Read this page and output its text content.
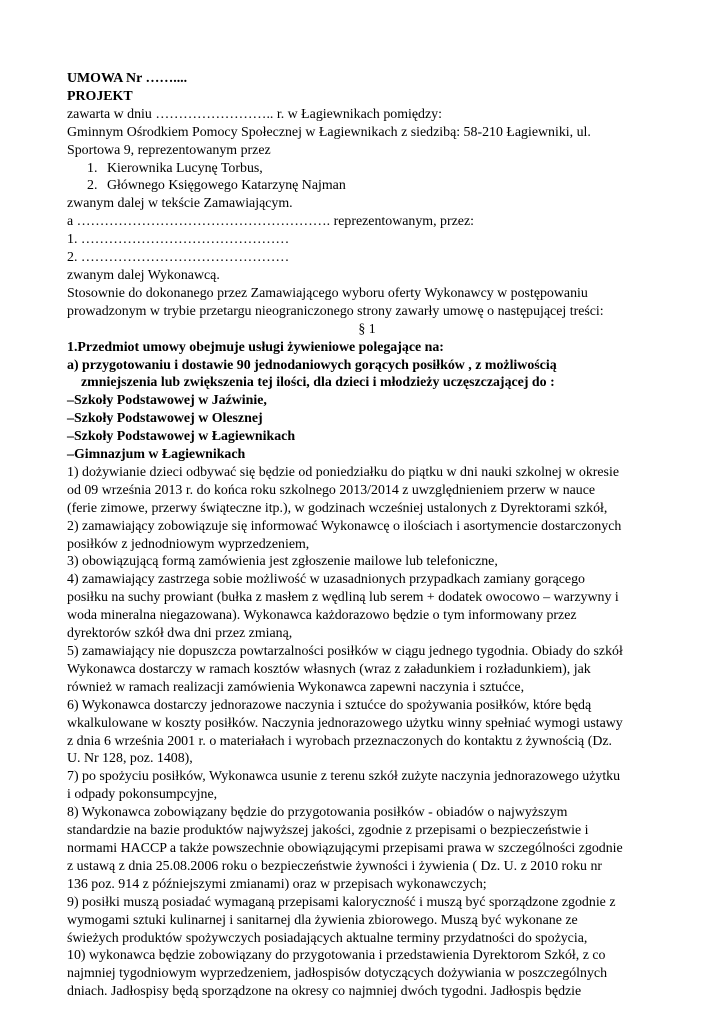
UMOWA Nr ……....
PROJEKT
zawarta w dniu …………………….. r. w Łagiewnikach pomiędzy:
Gminnym Ośrodkiem Pomocy Społecznej w Łagiewnikach z siedzibą: 58-210 Łagiewniki, ul.
Sportowa 9, reprezentowanym przez
1. Kierownika Lucynę Torbus,
2. Głównego Księgowego Katarzynę Najman
zwanym dalej w tekście Zamawiającym.
a ………………………………………………. reprezentowanym, przez:
1. ………………………………………
2. ………………………………………
zwanym dalej Wykonawcą.
Stosownie do dokonanego przez Zamawiającego wyboru oferty Wykonawcy w postępowaniu
prowadzonym w trybie przetargu nieograniczonego strony zawarły umowę o następującej treści:
§ 1
1.Przedmiot umowy obejmuje usługi żywieniowe polegające na:
a) przygotowaniu i dostawie 90 jednodaniowych gorących posiłków , z możliwością
zmniejszenia lub zwiększenia tej ilości, dla dzieci i młodzieży uczęszczającej do :
–Szkoły Podstawowej w Jaźwinie,
–Szkoły Podstawowej w Olesznej
–Szkoły Podstawowej w Łagiewnikach
–Gimnazjum w Łagiewnikach
1) dożywianie dzieci odbywać się będzie od poniedziałku do piątku w dni nauki szkolnej w okresie
od 09 września 2013 r. do końca roku szkolnego 2013/2014 z uwzględnieniem przerw w nauce
(ferie zimowe, przerwy świąteczne itp.), w godzinach wcześniej ustalonych z Dyrektorami szkół,
2) zamawiający zobowiązuje się informować Wykonawcę o ilościach i asortymencie dostarczonych
posiłków z jednodniowym wyprzedzeniem,
3) obowiązującą formą zamówienia jest zgłoszenie mailowe lub telefoniczne,
4) zamawiający zastrzega sobie możliwość w uzasadnionych przypadkach zamiany gorącego
posiłku na suchy prowiant (bułka z masłem z wędliną lub serem + dodatek owocowo – warzywny i
woda mineralna niegazowana). Wykonawca każdorazowo będzie o tym informowany przez
dyrektorów szkół dwa dni przez zmianą,
5) zamawiający nie dopuszcza powtarzalności posiłków w ciągu jednego tygodnia. Obiady do szkół
Wykonawca dostarczy w ramach kosztów własnych (wraz z załadunkiem i rozładunkiem), jak
również w ramach realizacji zamówienia Wykonawca zapewni naczynia i sztućce,
6) Wykonawca dostarczy jednorazowe naczynia i sztućce do spożywania posiłków, które będą
wkalkulowane w koszty posiłków. Naczynia jednorazowego użytku winny spełniać wymogi ustawy
z dnia 6 września 2001 r. o materiałach i wyrobach przeznaczonych do kontaktu z żywnością (Dz.
U. Nr 128, poz. 1408),
7) po spożyciu posiłków, Wykonawca usunie z terenu szkół zużyte naczynia jednorazowego użytku
i odpady pokonsumpcyjne,
8) Wykonawca zobowiązany będzie do przygotowania posiłków - obiadów o najwyższym
standardzie na bazie produktów najwyższej jakości, zgodnie z przepisami o bezpieczeństwie i
normami HACCP a także powszechnie obowiązującymi przepisami prawa w szczególności zgodnie
z ustawą z dnia 25.08.2006 roku o bezpieczeństwie żywności i żywienia ( Dz. U. z 2010 roku nr
136 poz. 914 z późniejszymi zmianami) oraz w przepisach wykonawczych;
9) posiłki muszą posiadać wymaganą przepisami kaloryczność i muszą być sporządzone zgodnie z
wymogami sztuki kulinarnej i sanitarnej dla żywienia zbiorowego. Muszą być wykonane ze
świeżych produktów spożywczych posiadających aktualne terminy przydatności do spożycia,
10) wykonawca będzie zobowiązany do przygotowania i przedstawienia Dyrektorom Szkół, z co
najmniej tygodniowym wyprzedzeniem, jadłospisów dotyczących dożywiania w poszczególnych
dniach. Jadłospisy będą sporządzone na okresy co najmniej dwóch tygodni. Jadłospis będzie
